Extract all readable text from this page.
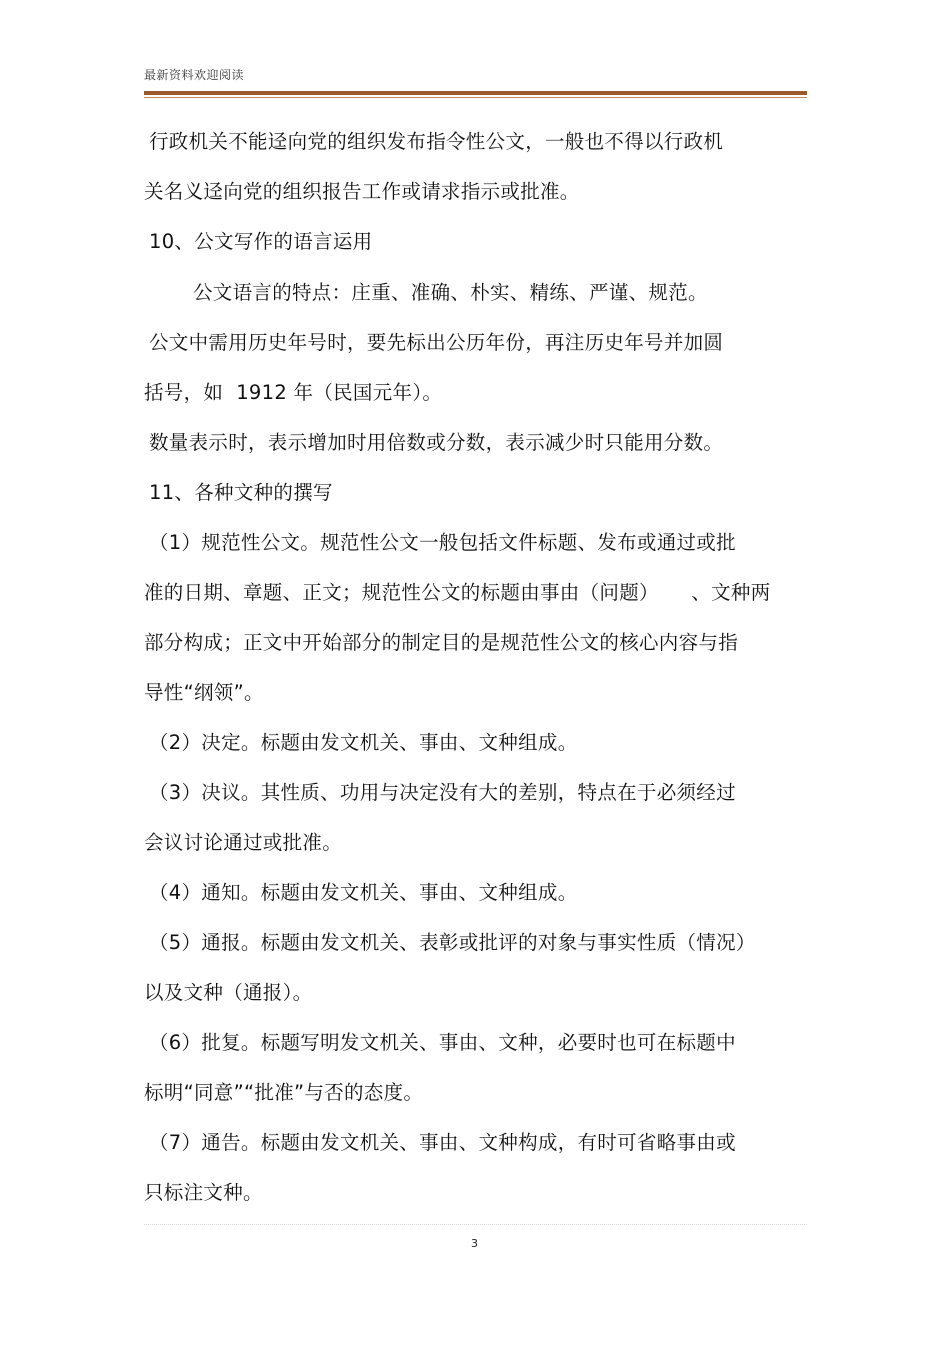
最新资料欢迎阅读
行政机关不能迳向党的组织发布指令性公文，一般也不得以行政机
关名义迳向党的组织报告工作或请求指示或批准。
10、公文写作的语言运用
公文语言的特点：庄重、准确、朴实、精练、严谨、规范。
公文中需用历史年号时，要先标出公历年份，再注历史年号并加圆
括号，如  1912 年（民国元年）。
数量表示时，表示增加时用倍数或分数，表示减少时只能用分数。
11、各种文种的撰写
（1）规范性公文。规范性公文一般包括文件标题、发布或通过或批
准的日期、章题、正文；规范性公文的标题由事由（问题）     、文种两
部分构成；正文中开始部分的制定目的是规范性公文的核心内容与指
导性“纲领”。
（2）决定。标题由发文机关、事由、文种组成。
（3）决议。其性质、功用与决定没有大的差别，特点在于必须经过
会议讨论通过或批准。
（4）通知。标题由发文机关、事由、文种组成。
（5）通报。标题由发文机关、表彰或批评的对象与事实性质（情况）
以及文种（通报）。
（6）批复。标题写明发文机关、事由、文种，必要时也可在标题中
标明“同意”“批准”与否的态度。
（7）通告。标题由发文机关、事由、文种构成，有时可省略事由或
只标注文种。
3
